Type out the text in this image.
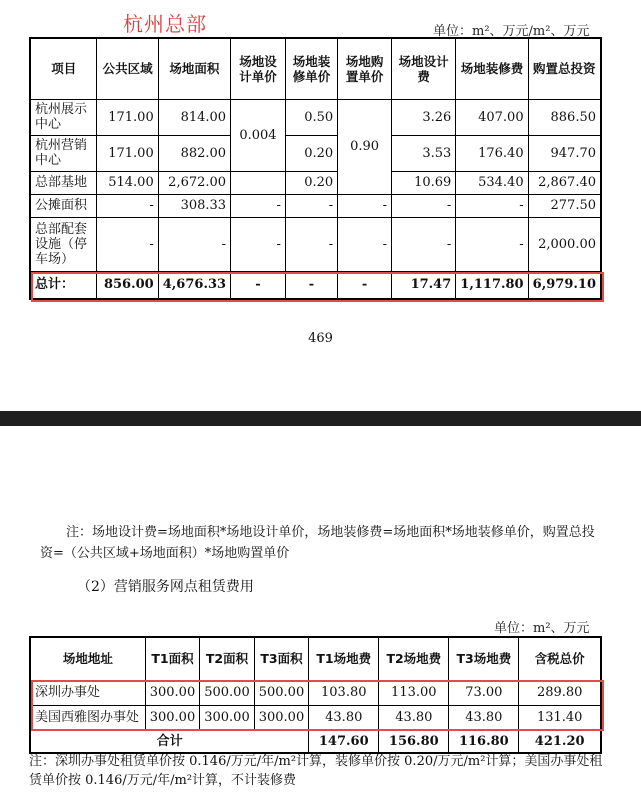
杭州总部	单位：m²、万元/m²、万元
项目	公共区域	场地面积	场地设计单价	场地装修单价	场地购置单价	场地设计费	场地装修费	购置总投资
杭州展示中心	171.00	814.00	0.004	0.50	0.90	3.26	407.00	886.50
杭州营销中心	171.00	882.00		0.20		3.53	176.40	947.70
总部基地	514.00	2,672.00		0.20		10.69	534.40	2,867.40
公摊面积	-	308.33	-	-	-	-	-	277.50
总部配套设施（停车场）	-	-	-	-	-	-	-	2,000.00
总计：	856.00	4,676.33	-	-	-	17.47	1,117.80	6,979.10
469
注：场地设计费=场地面积*场地设计单价，场地装修费=场地面积*场地装修单价，购置总投资=（公共区域+场地面积）*场地购置单价
（2）营销服务网点租赁费用
单位：m²、万元
场地地址	T1面积	T2面积	T3面积	T1场地费	T2场地费	T3场地费	含税总价
深圳办事处	300.00	500.00	500.00	103.80	113.00	73.00	289.80
美国西雅图办事处	300.00	300.00	300.00	43.80	43.80	43.80	131.40
合计				147.60	156.80	116.80	421.20
注：深圳办事处租赁单价按 0.146/万元/年/m²计算，装修单价按 0.20/万元/m²计算；美国办事处租赁单价按 0.146/万元/年/m²计算，不计装修费
